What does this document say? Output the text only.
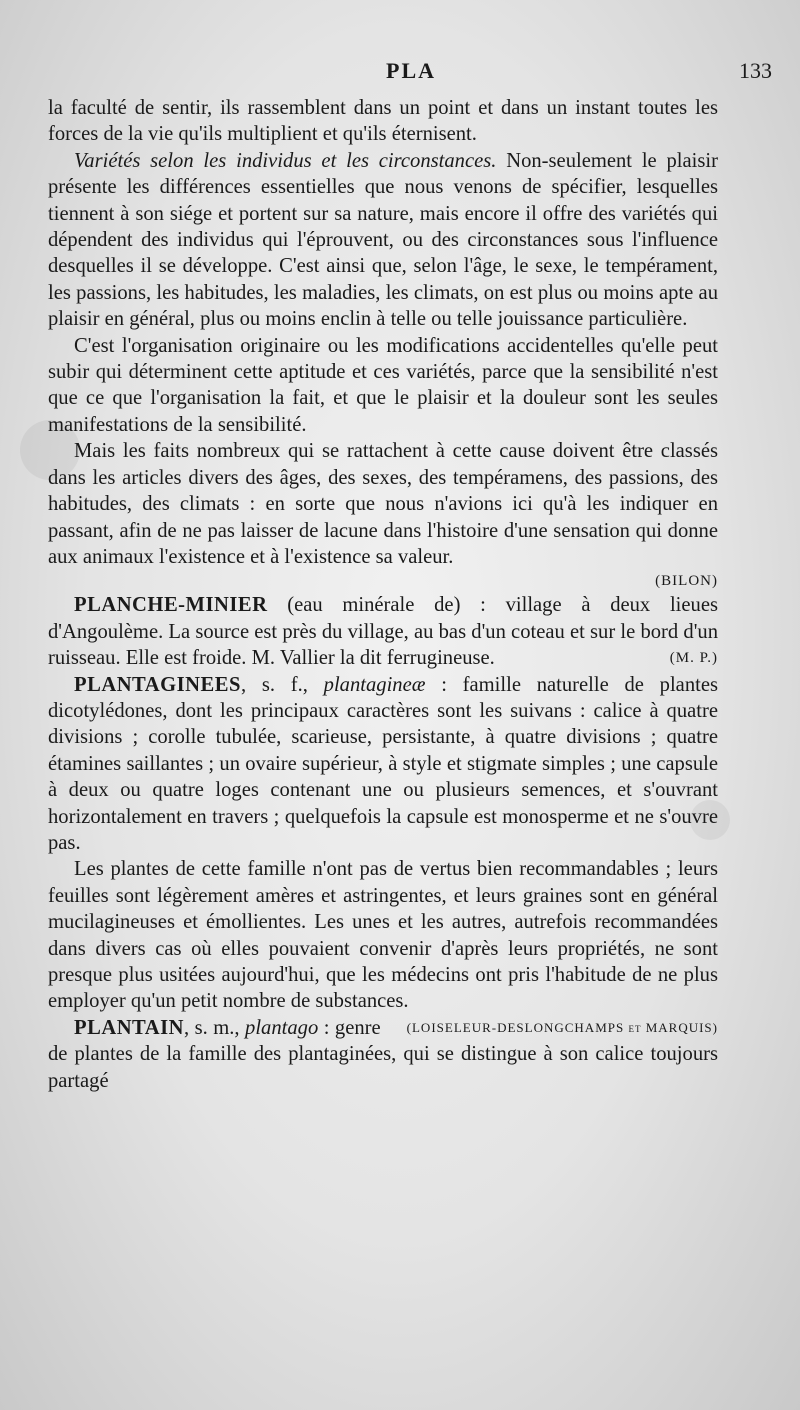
PLA	133

la faculté de sentir, ils rassemblent dans un point et dans un instant toutes les forces de la vie qu'ils multiplient et qu'ils éternisent.

Variétés selon les individus et les circonstances. Non-seulement le plaisir présente les différences essentielles que nous venons de spécifier, lesquelles tiennent à son siége et portent sur sa nature, mais encore il offre des variétés qui dépendent des individus qui l'éprouvent, ou des circonstances sous l'influence desquelles il se développe. C'est ainsi que, selon l'âge, le sexe, le tempérament, les passions, les habitudes, les maladies, les climats, on est plus ou moins apte au plaisir en général, plus ou moins enclin à telle ou telle jouissance particulière.

C'est l'organisation originaire ou les modifications accidentelles qu'elle peut subir qui déterminent cette aptitude et ces variétés, parce que la sensibilité n'est que ce que l'organisation la fait, et que le plaisir et la douleur sont les seules manifestations de la sensibilité.

Mais les faits nombreux qui se rattachent à cette cause doivent être classés dans les articles divers des âges, des sexes, des tempéramens, des passions, des habitudes, des climats : en sorte que nous n'avions ici qu'à les indiquer en passant, afin de ne pas laisser de lacune dans l'histoire d'une sensation qui donne aux animaux l'existence et à l'existence sa valeur.

(BILON)

PLANCHE-MINIER (eau minérale de) : village à deux lieues d'Angoulème. La source est près du village, au bas d'un coteau et sur le bord d'un ruisseau. Elle est froide. M. Vallier la dit ferrugineuse.	(M. P.)

PLANTAGINEES, s. f., plantagineæ : famille naturelle de plantes dicotylédones, dont les principaux caractères sont les suivans : calice à quatre divisions ; corolle tubulée, scarieuse, persistante, à quatre divisions ; quatre étamines saillantes ; un ovaire supérieur, à style et stigmate simples ; une capsule à deux ou quatre loges contenant une ou plusieurs semences, et s'ouvrant horizontalement en travers ; quelquefois la capsule est monosperme et ne s'ouvre pas.

Les plantes de cette famille n'ont pas de vertus bien recommandables ; leurs feuilles sont légèrement amères et astringentes, et leurs graines sont en général mucilagineuses et émollientes. Les unes et les autres, autrefois recommandées dans divers cas où elles pouvaient convenir d'après leurs propriétés, ne sont presque plus usitées aujourd'hui, que les médecins ont pris l'habitude de ne plus employer qu'un petit nombre de substances.
(LOISELEUR-DESLONGCHAMPS et MARQUIS)

PLANTAIN, s. m., plantago : genre de plantes de la famille des plantaginées, qui se distingue à son calice toujours partagé
